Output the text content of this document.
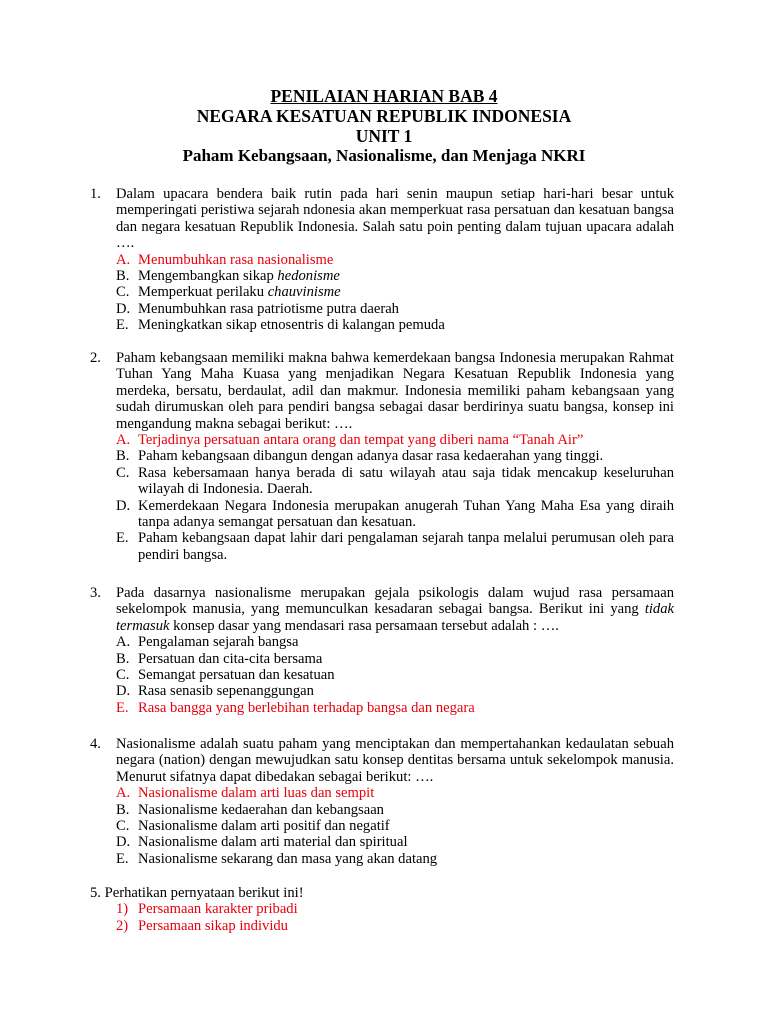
PENILAIAN HARIAN BAB 4
NEGARA KESATUAN REPUBLIK INDONESIA
UNIT 1
Paham Kebangsaan, Nasionalisme, dan Menjaga NKRI
1.	Dalam upacara bendera baik rutin pada hari senin maupun setiap hari-hari besar untuk memperingati peristiwa sejarah ndonesia akan memperkuat rasa persatuan dan kesatuan bangsa dan negara kesatuan Republik Indonesia. Salah satu poin penting dalam tujuan upacara adalah ….
A. Menumbuhkan rasa nasionalisme
B. Mengembangkan sikap hedonisme
C. Memperkuat perilaku chauvinisme
D. Menumbuhkan rasa patriotisme putra daerah
E. Meningkatkan sikap etnosentris di kalangan pemuda
2.	Paham kebangsaan memiliki makna bahwa kemerdekaan bangsa Indonesia merupakan Rahmat Tuhan Yang Maha Kuasa yang menjadikan Negara Kesatuan Republik Indonesia yang merdeka, bersatu, berdaulat, adil dan makmur. Indonesia memiliki paham kebangsaan yang sudah dirumuskan oleh para pendiri bangsa sebagai dasar berdirinya suatu bangsa, konsep ini mengandung makna sebagai berikut: ….
A. Terjadinya persatuan antara orang dan tempat yang diberi nama “Tanah Air”
B. Paham kebangsaan dibangun dengan adanya dasar rasa kedaerahan yang tinggi.
C. Rasa kebersamaan hanya berada di satu wilayah atau saja tidak mencakup keseluruhan wilayah di Indonesia. Daerah.
D. Kemerdekaan Negara Indonesia merupakan anugerah Tuhan Yang Maha Esa yang diraih tanpa adanya semangat persatuan dan kesatuan.
E. Paham kebangsaan dapat lahir dari pengalaman sejarah tanpa melalui perumusan oleh para pendiri bangsa.
3.	Pada dasarnya nasionalisme merupakan gejala psikologis dalam wujud rasa persamaan sekelompok manusia, yang memunculkan kesadaran sebagai bangsa. Berikut ini yang tidak termasuk konsep dasar yang mendasari rasa persamaan tersebut adalah : ….
A. Pengalaman sejarah bangsa
B. Persatuan dan cita-cita bersama
C. Semangat persatuan dan kesatuan
D. Rasa senasib sepenanggungan
E. Rasa bangga yang berlebihan terhadap bangsa dan negara
4.	Nasionalisme adalah suatu paham yang menciptakan dan mempertahankan kedaulatan sebuah negara (nation) dengan mewujudkan satu konsep dentitas bersama untuk sekelompok manusia. Menurut sifatnya dapat dibedakan sebagai berikut: ….
A. Nasionalisme dalam arti luas dan sempit
B. Nasionalisme kedaerahan dan kebangsaan
C. Nasionalisme dalam arti positif dan negatif
D. Nasionalisme dalam arti material dan spiritual
E. Nasionalisme sekarang dan masa yang akan datang
5. Perhatikan pernyataan berikut ini!
1) Persamaan karakter pribadi
2) Persamaan sikap individu
